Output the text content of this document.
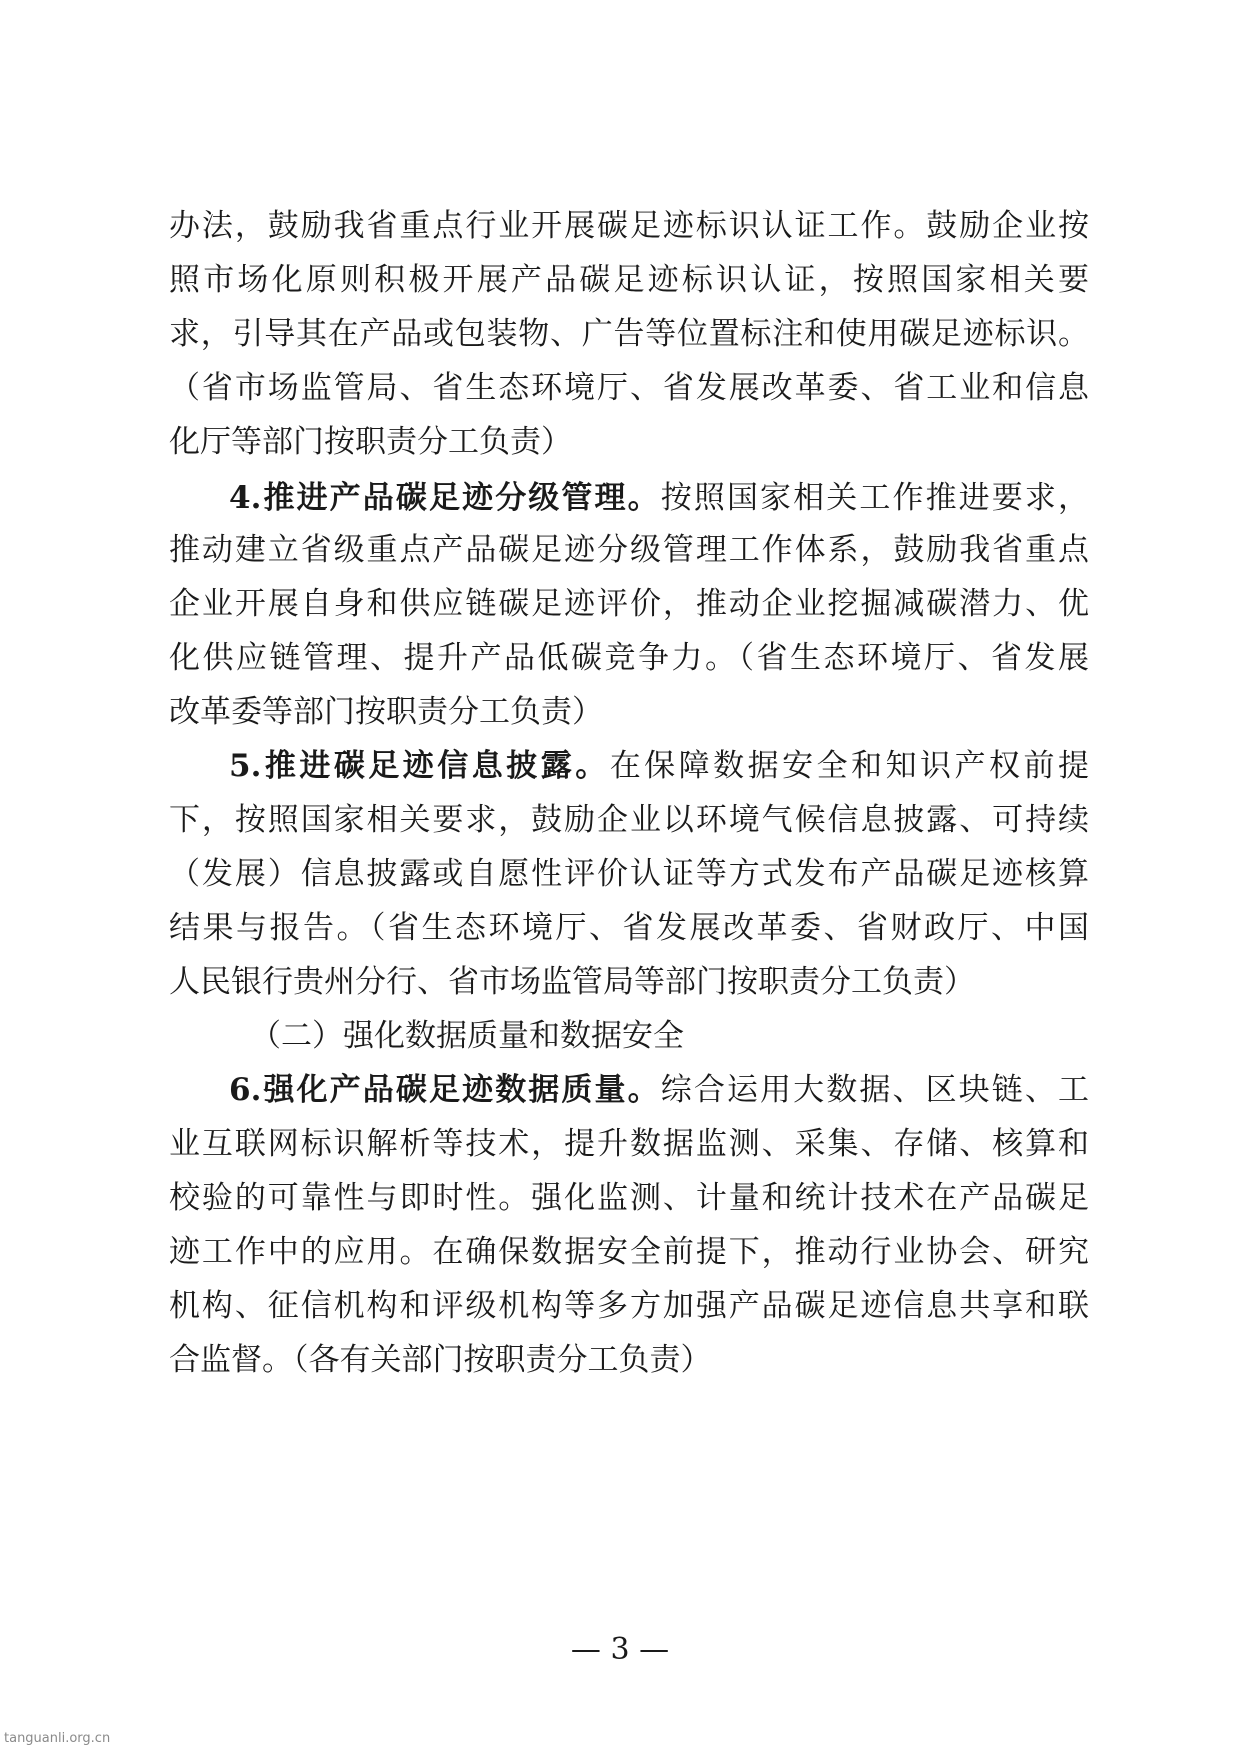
办法，鼓励我省重点行业开展碳足迹标识认证工作。鼓励企业按
照市场化原则积极开展产品碳足迹标识认证，按照国家相关要
求，引导其在产品或包装物、广告等位置标注和使用碳足迹标识。
（省市场监管局、省生态环境厅、省发展改革委、省工业和信息
化厅等部门按职责分工负责）
4.推进产品碳足迹分级管理。按照国家相关工作推进要求，
推动建立省级重点产品碳足迹分级管理工作体系，鼓励我省重点
企业开展自身和供应链碳足迹评价，推动企业挖掘减碳潜力、优
化供应链管理、提升产品低碳竞争力。（省生态环境厅、省发展
改革委等部门按职责分工负责）
5.推进碳足迹信息披露。在保障数据安全和知识产权前提
下，按照国家相关要求，鼓励企业以环境气候信息披露、可持续
（发展）信息披露或自愿性评价认证等方式发布产品碳足迹核算
结果与报告。（省生态环境厅、省发展改革委、省财政厅、中国
人民银行贵州分行、省市场监管局等部门按职责分工负责）
（二）强化数据质量和数据安全
6.强化产品碳足迹数据质量。综合运用大数据、区块链、工
业互联网标识解析等技术，提升数据监测、采集、存储、核算和
校验的可靠性与即时性。强化监测、计量和统计技术在产品碳足
迹工作中的应用。在确保数据安全前提下，推动行业协会、研究
机构、征信机构和评级机构等多方加强产品碳足迹信息共享和联
合监督。（各有关部门按职责分工负责）
— 3 —
tanguanli.org.cn
